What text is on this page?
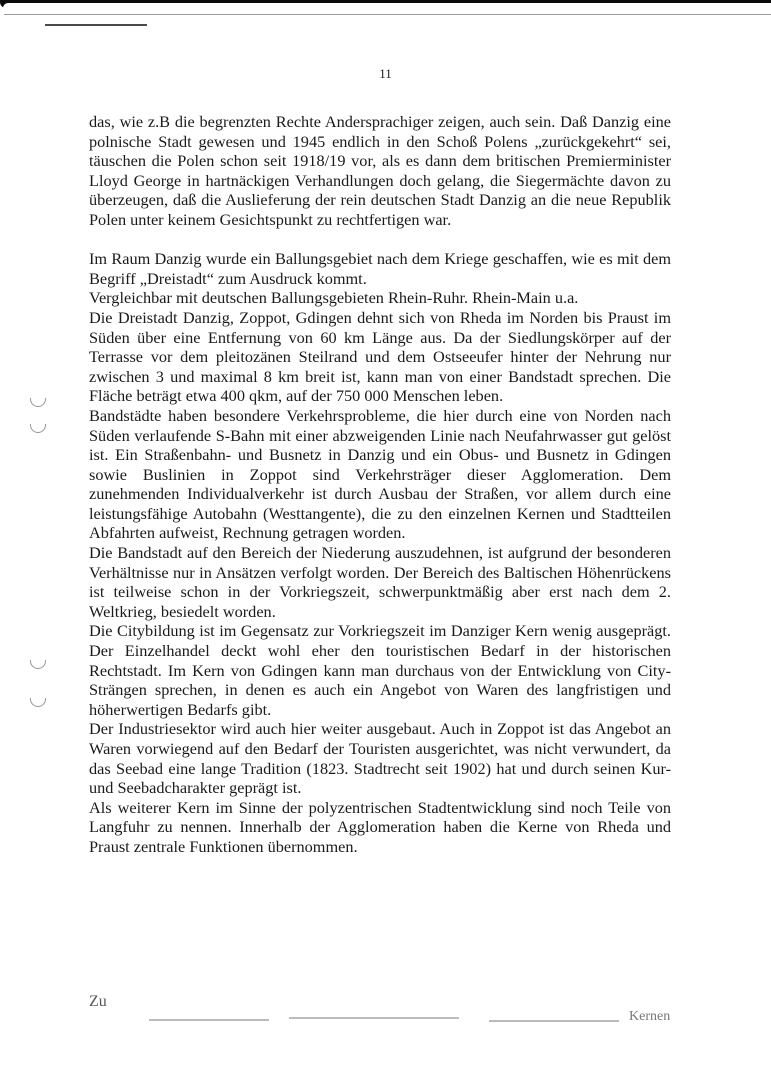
11

das, wie z.B die begrenzten Rechte Andersprachiger zeigen, auch sein. Daß Danzig eine polnische Stadt gewesen und 1945 endlich in den Schoß Polens „zurückgekehrt“ sei, täuschen die Polen schon seit 1918/19 vor, als es dann dem britischen Premierminister Lloyd George in hartnäckigen Verhandlungen doch gelang, die Siegermächte davon zu überzeugen, daß die Auslieferung der rein deutschen Stadt Danzig an die neue Republik Polen unter keinem Gesichtspunkt zu rechtfertigen war.

Im Raum Danzig wurde ein Ballungsgebiet nach dem Kriege geschaffen, wie es mit dem Begriff „Dreistadt“ zum Ausdruck kommt.

Vergleichbar mit deutschen Ballungsgebieten Rhein-Ruhr. Rhein-Main u.a.

Die Dreistadt Danzig, Zoppot, Gdingen dehnt sich von Rheda im Norden bis Praust im Süden über eine Entfernung von 60 km Länge aus. Da der Siedlungskörper auf der Terrasse vor dem pleitozänen Steilrand und dem Ostseeufer hinter der Nehrung nur zwischen 3 und maximal 8 km breit ist, kann man von einer Bandstadt sprechen. Die Fläche beträgt etwa 400 qkm, auf der 750 000 Menschen leben.

Bandstädte haben besondere Verkehrsprobleme, die hier durch eine von Norden nach Süden verlaufende S-Bahn mit einer abzweigenden Linie nach Neufahrwasser gut gelöst ist. Ein Straßenbahn- und Busnetz in Danzig und ein Obus- und Busnetz in Gdingen sowie Buslinien in Zoppot sind Verkehrsträger dieser Agglomeration. Dem zunehmenden Individualverkehr ist durch Ausbau der Straßen, vor allem durch eine leistungsfähige Autobahn (Westtangente), die zu den einzelnen Kernen und Stadtteilen Abfahrten aufweist, Rechnung getragen worden.

Die Bandstadt auf den Bereich der Niederung auszudehnen, ist aufgrund der besonderen Verhältnisse nur in Ansätzen verfolgt worden. Der Bereich des Baltischen Höhenrückens ist teilweise schon in der Vorkriegszeit, schwerpunktmäßig aber erst nach dem 2. Weltkrieg, besiedelt worden.

Die Citybildung ist im Gegensatz zur Vorkriegszeit im Danziger Kern wenig ausgeprägt. Der Einzelhandel deckt wohl eher den touristischen Bedarf in der historischen Rechtstadt. Im Kern von Gdingen kann man durchaus von der Entwicklung von City-Strängen sprechen, in denen es auch ein Angebot von Waren des langfristigen und höherwertigen Bedarfs gibt.

Der Industriesektor wird auch hier weiter ausgebaut. Auch in Zoppot ist das Angebot an Waren vorwiegend auf den Bedarf der Touristen ausgerichtet, was nicht verwundert, da das Seebad eine lange Tradition (1823. Stadtrecht seit 1902) hat und durch seinen Kur- und Seebadcharakter geprägt ist.

Als weiterer Kern im Sinne der polyzentrischen Stadtentwicklung sind noch Teile von Langfuhr zu nennen. Innerhalb der Agglomeration haben die Kerne von Rheda und Praust zentrale Funktionen übernommen.

Zu
Kernen
